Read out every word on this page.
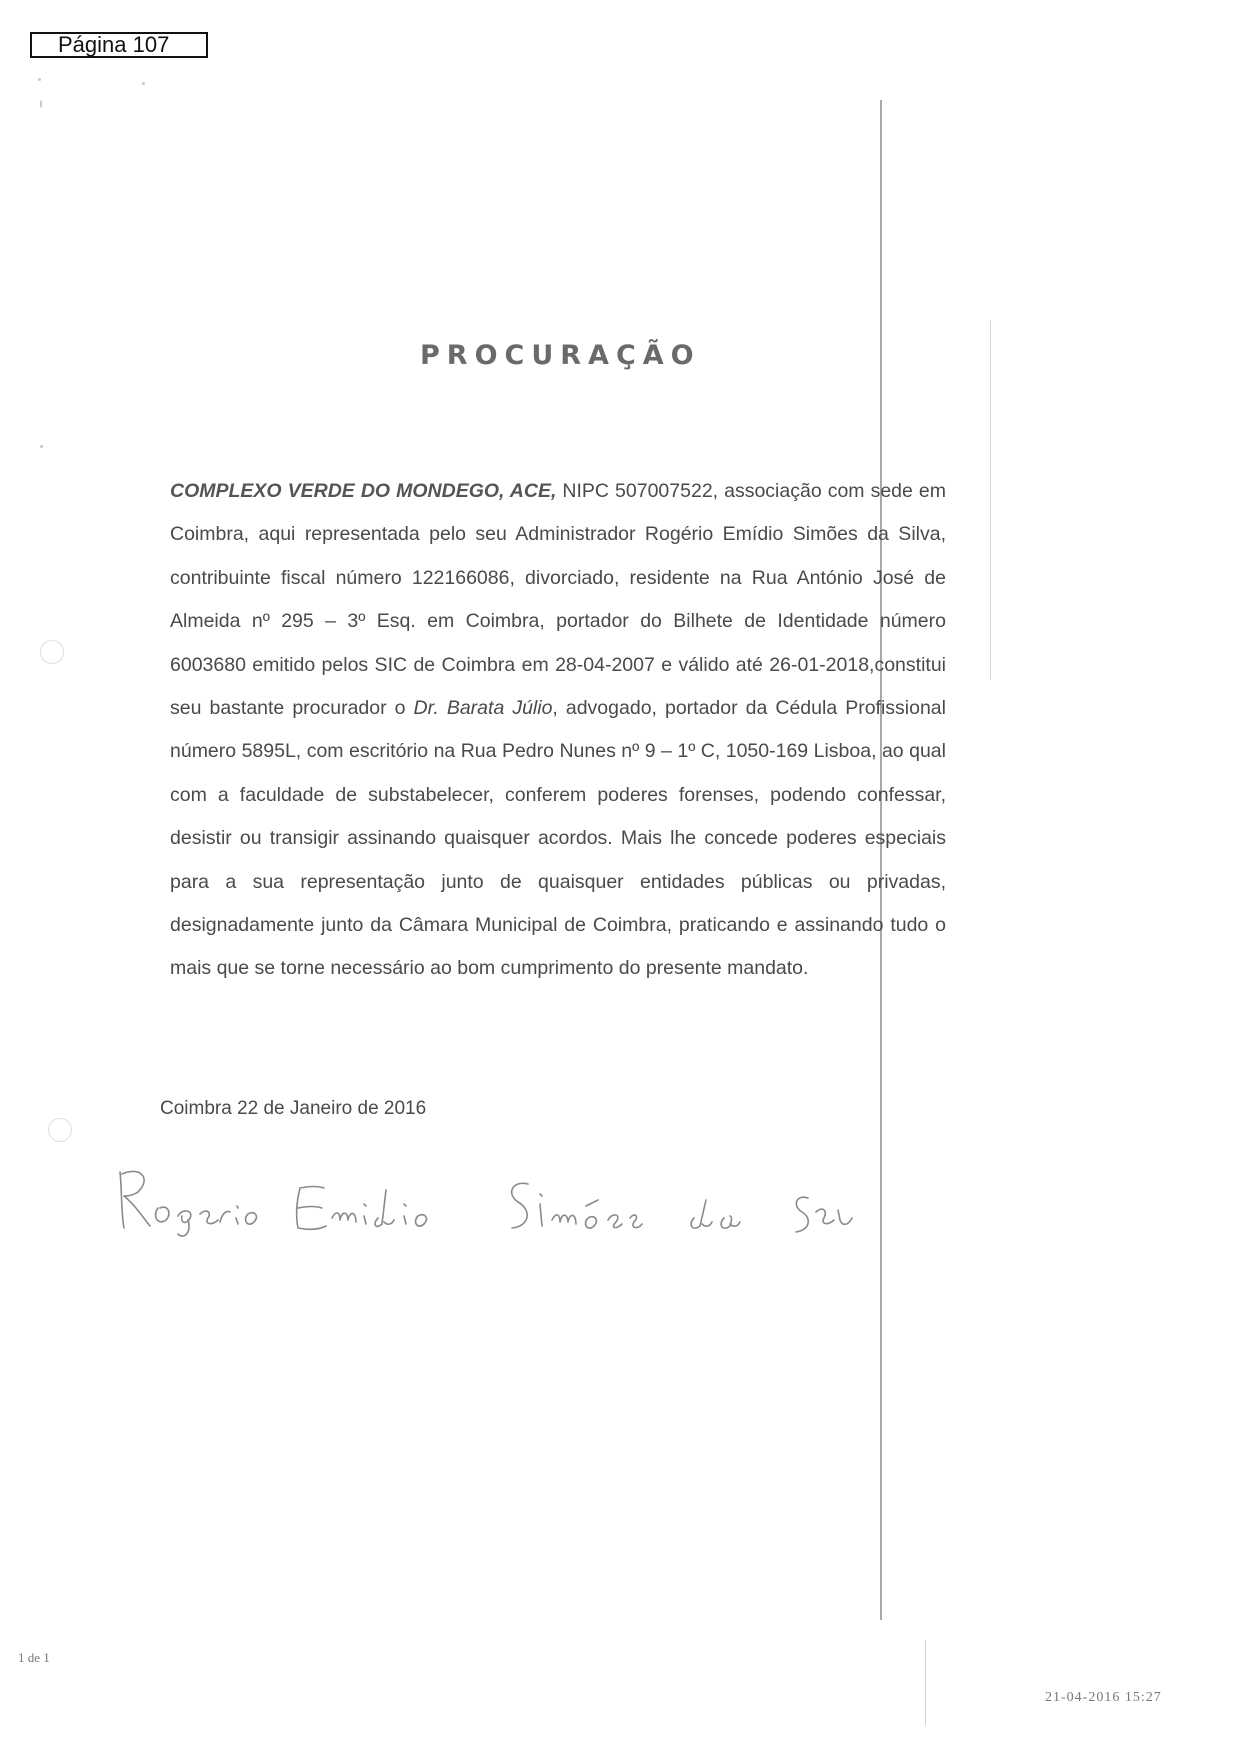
Página 107
PROCURAÇÃO
COMPLEXO VERDE DO MONDEGO, ACE, NIPC 507007522, associação com sede em Coimbra, aqui representada pelo seu Administrador Rogério Emídio Simões da Silva, contribuinte fiscal número 122166086, divorciado, residente na Rua António José de Almeida nº 295 – 3º Esq. em Coimbra, portador do Bilhete de Identidade número 6003680 emitido pelos SIC de Coimbra em 28-04-2007 e válido até 26-01-2018,constitui seu bastante procurador o Dr. Barata Júlio, advogado, portador da Cédula Profissional número 5895L, com escritório na Rua Pedro Nunes nº 9 – 1º C, 1050-169 Lisboa, ao qual com a faculdade de substabelecer, conferem poderes forenses, podendo confessar, desistir ou transigir assinando quaisquer acordos. Mais lhe concede poderes especiais para a sua representação junto de quaisquer entidades públicas ou privadas, designadamente junto da Câmara Municipal de Coimbra, praticando e assinando tudo o mais que se torne necessário ao bom cumprimento do presente mandato.
Coimbra 22 de Janeiro de 2016
1 de 1
21-04-2016 15:27
